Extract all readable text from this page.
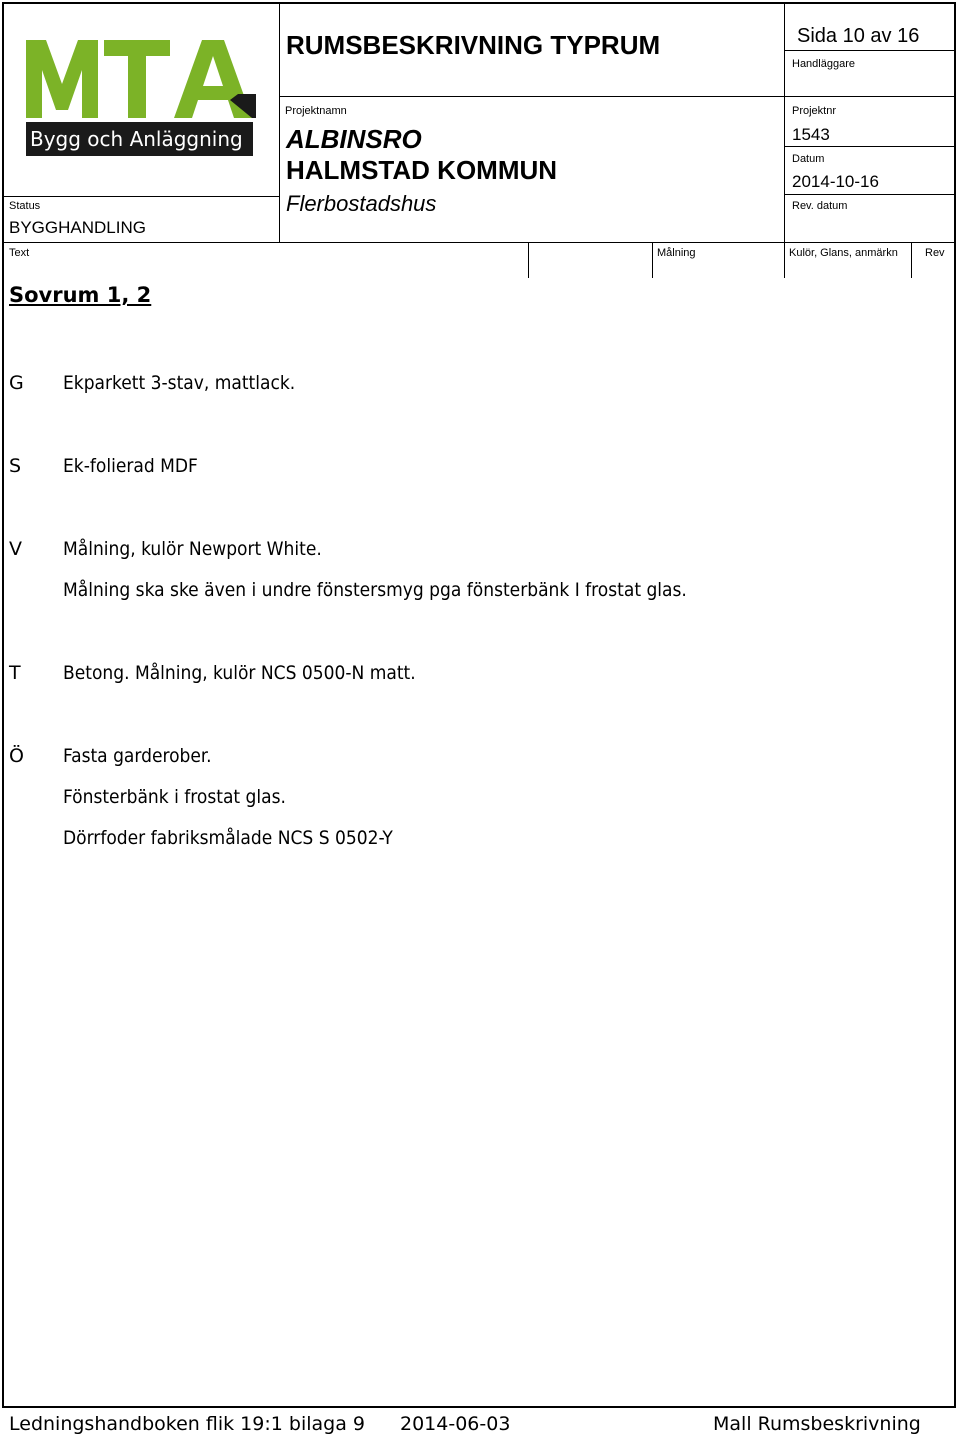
Bygg och Anläggning
Status
BYGGHANDLING
RUMSBESKRIVNING TYPRUM	Sida 10 av 16
Handläggare
Projektnamn
ALBINSRO
HALMSTAD KOMMUN
Flerbostadshus
Projektnr
1543
Datum
2014-10-16
Rev. datum
Text	Målning	Kulör, Glans, anmärkn Rev
Sovrum 1, 2
G Ekparkett 3-stav, mattlack.
S Ek-folierad MDF
V Målning, kulör Newport White.
Målning ska ske även i undre fönstersmyg pga fönsterbänk I frostat glas.
T Betong. Målning, kulör NCS 0500-N matt.
Ö Fasta garderober.
Fönsterbänk i frostat glas.
Dörrfoder fabriksmålade NCS S 0502-Y
Ledningshandboken flik 19:1 bilaga 9 2014-06-03	Mall Rumsbeskrivning
